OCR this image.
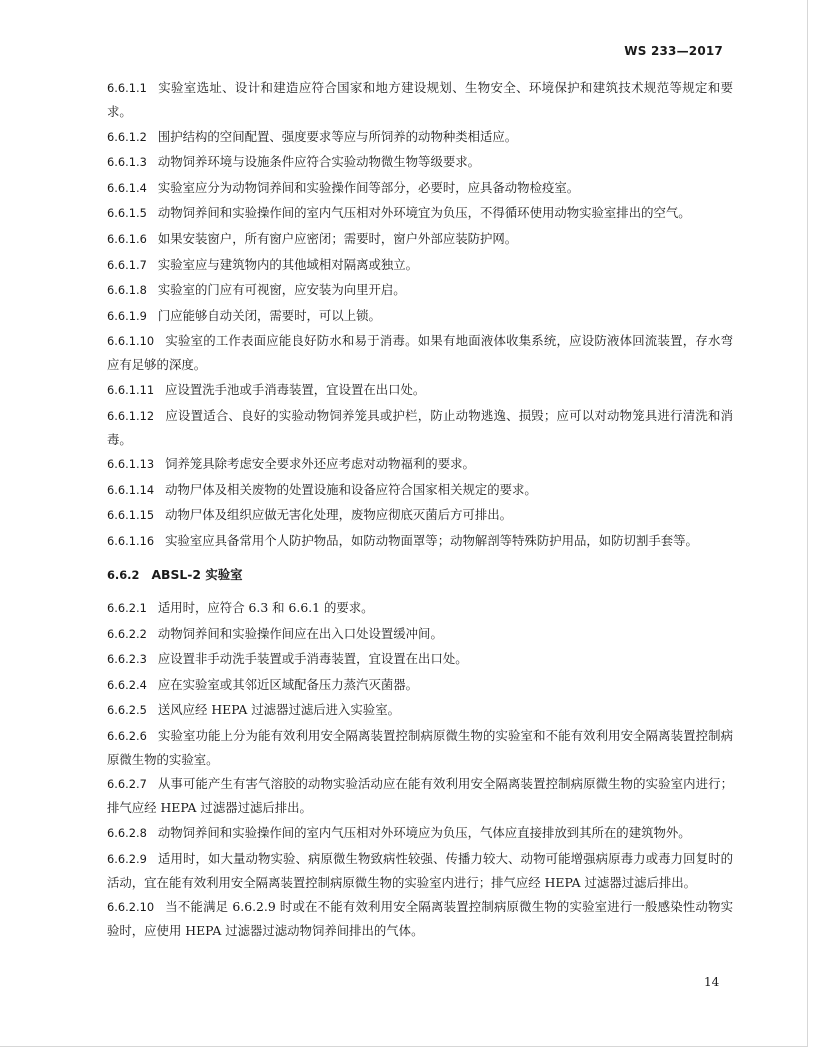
WS 233—2017

6.6.1.1 实验室选址、设计和建造应符合国家和地方建设规划、生物安全、环境保护和建筑技术规范等规定和要求。

6.6.1.2 围护结构的空间配置、强度要求等应与所饲养的动物种类相适应。

6.6.1.3 动物饲养环境与设施条件应符合实验动物微生物等级要求。

6.6.1.4 实验室应分为动物饲养间和实验操作间等部分，必要时，应具备动物检疫室。

6.6.1.5 动物饲养间和实验操作间的室内气压相对外环境宜为负压，不得循环使用动物实验室排出的空气。

6.6.1.6 如果安装窗户，所有窗户应密闭；需要时，窗户外部应装防护网。

6.6.1.7 实验室应与建筑物内的其他域相对隔离或独立。

6.6.1.8 实验室的门应有可视窗，应安装为向里开启。

6.6.1.9 门应能够自动关闭，需要时，可以上锁。

6.6.1.10 实验室的工作表面应能良好防水和易于消毒。如果有地面液体收集系统，应设防液体回流装置，存水弯应有足够的深度。

6.6.1.11 应设置洗手池或手消毒装置，宜设置在出口处。

6.6.1.12 应设置适合、良好的实验动物饲养笼具或护栏，防止动物逃逸、损毁；应可以对动物笼具进行清洗和消毒。

6.6.1.13 饲养笼具除考虑安全要求外还应考虑对动物福利的要求。

6.6.1.14 动物尸体及相关废物的处置设施和设备应符合国家相关规定的要求。

6.6.1.15 动物尸体及组织应做无害化处理，废物应彻底灭菌后方可排出。

6.6.1.16 实验室应具备常用个人防护物品，如防动物面罩等；动物解剖等特殊防护用品，如防切割手套等。

6.6.2 ABSL-2 实验室

6.6.2.1 适用时，应符合 6.3 和 6.6.1 的要求。

6.6.2.2 动物饲养间和实验操作间应在出入口处设置缓冲间。

6.6.2.3 应设置非手动洗手装置或手消毒装置，宜设置在出口处。

6.6.2.4 应在实验室或其邻近区域配备压力蒸汽灭菌器。

6.6.2.5 送风应经 HEPA 过滤器过滤后进入实验室。

6.6.2.6 实验室功能上分为能有效利用安全隔离装置控制病原微生物的实验室和不能有效利用安全隔离装置控制病原微生物的实验室。

6.6.2.7 从事可能产生有害气溶胶的动物实验活动应在能有效利用安全隔离装置控制病原微生物的实验室内进行；排气应经 HEPA 过滤器过滤后排出。

6.6.2.8 动物饲养间和实验操作间的室内气压相对外环境应为负压，气体应直接排放到其所在的建筑物外。

6.6.2.9 适用时，如大量动物实验、病原微生物致病性较强、传播力较大、动物可能增强病原毒力或毒力回复时的活动，宜在能有效利用安全隔离装置控制病原微生物的实验室内进行；排气应经 HEPA 过滤器过滤后排出。

6.6.2.10 当不能满足 6.6.2.9 时或在不能有效利用安全隔离装置控制病原微生物的实验室进行一般感染性动物实验时，应使用 HEPA 过滤器过滤动物饲养间排出的气体。

14
